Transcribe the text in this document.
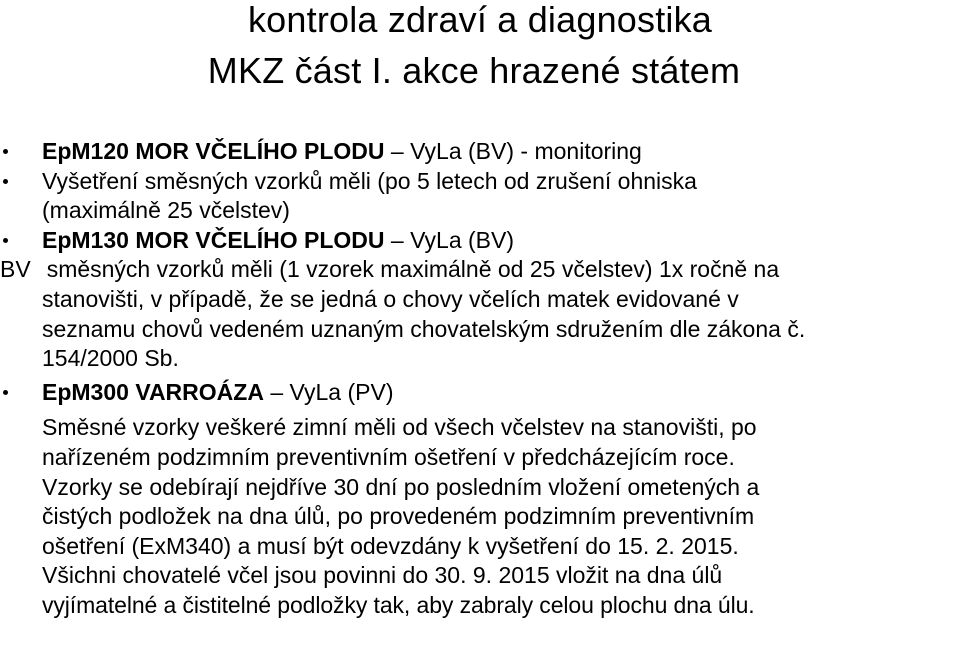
kontrola zdraví a diagnostika
MKZ část I. akce hrazené státem
EpM120 MOR VČELÍHO PLODU – VyLa (BV) - monitoring
Vyšetření směsných vzorků měli (po 5 letech od zrušení ohniska
(maximálně 25 včelstev)
EpM130 MOR VČELÍHO PLODU – VyLa (BV)
BV směsných vzorků měli (1 vzorek maximálně od 25 včelstev) 1x ročně na
stanovišti, v případě, že se jedná o chovy včelích matek evidované v
seznamu chovů vedeném uznaným chovatelským sdružením dle zákona č.
154/2000 Sb.
EpM300 VARROÁZA – VyLa (PV)
Směsné vzorky veškeré zimní měli od všech včelstev na stanovišti, po
nařízeném podzimním preventivním ošetření v předcházejícím roce.
Vzorky se odebírají nejdříve 30 dní po posledním vložení ometených a
čistých podložek na dna úlů, po provedeném podzimním preventivním
ošetření (ExM340) a musí být odevzdány k vyšetření do 15. 2. 2015.
Všichni chovatelé včel jsou povinni do 30. 9. 2015 vložit na dna úlů
vyjímatelné a čistitelné podložky tak, aby zabraly celou plochu dna úlu.
